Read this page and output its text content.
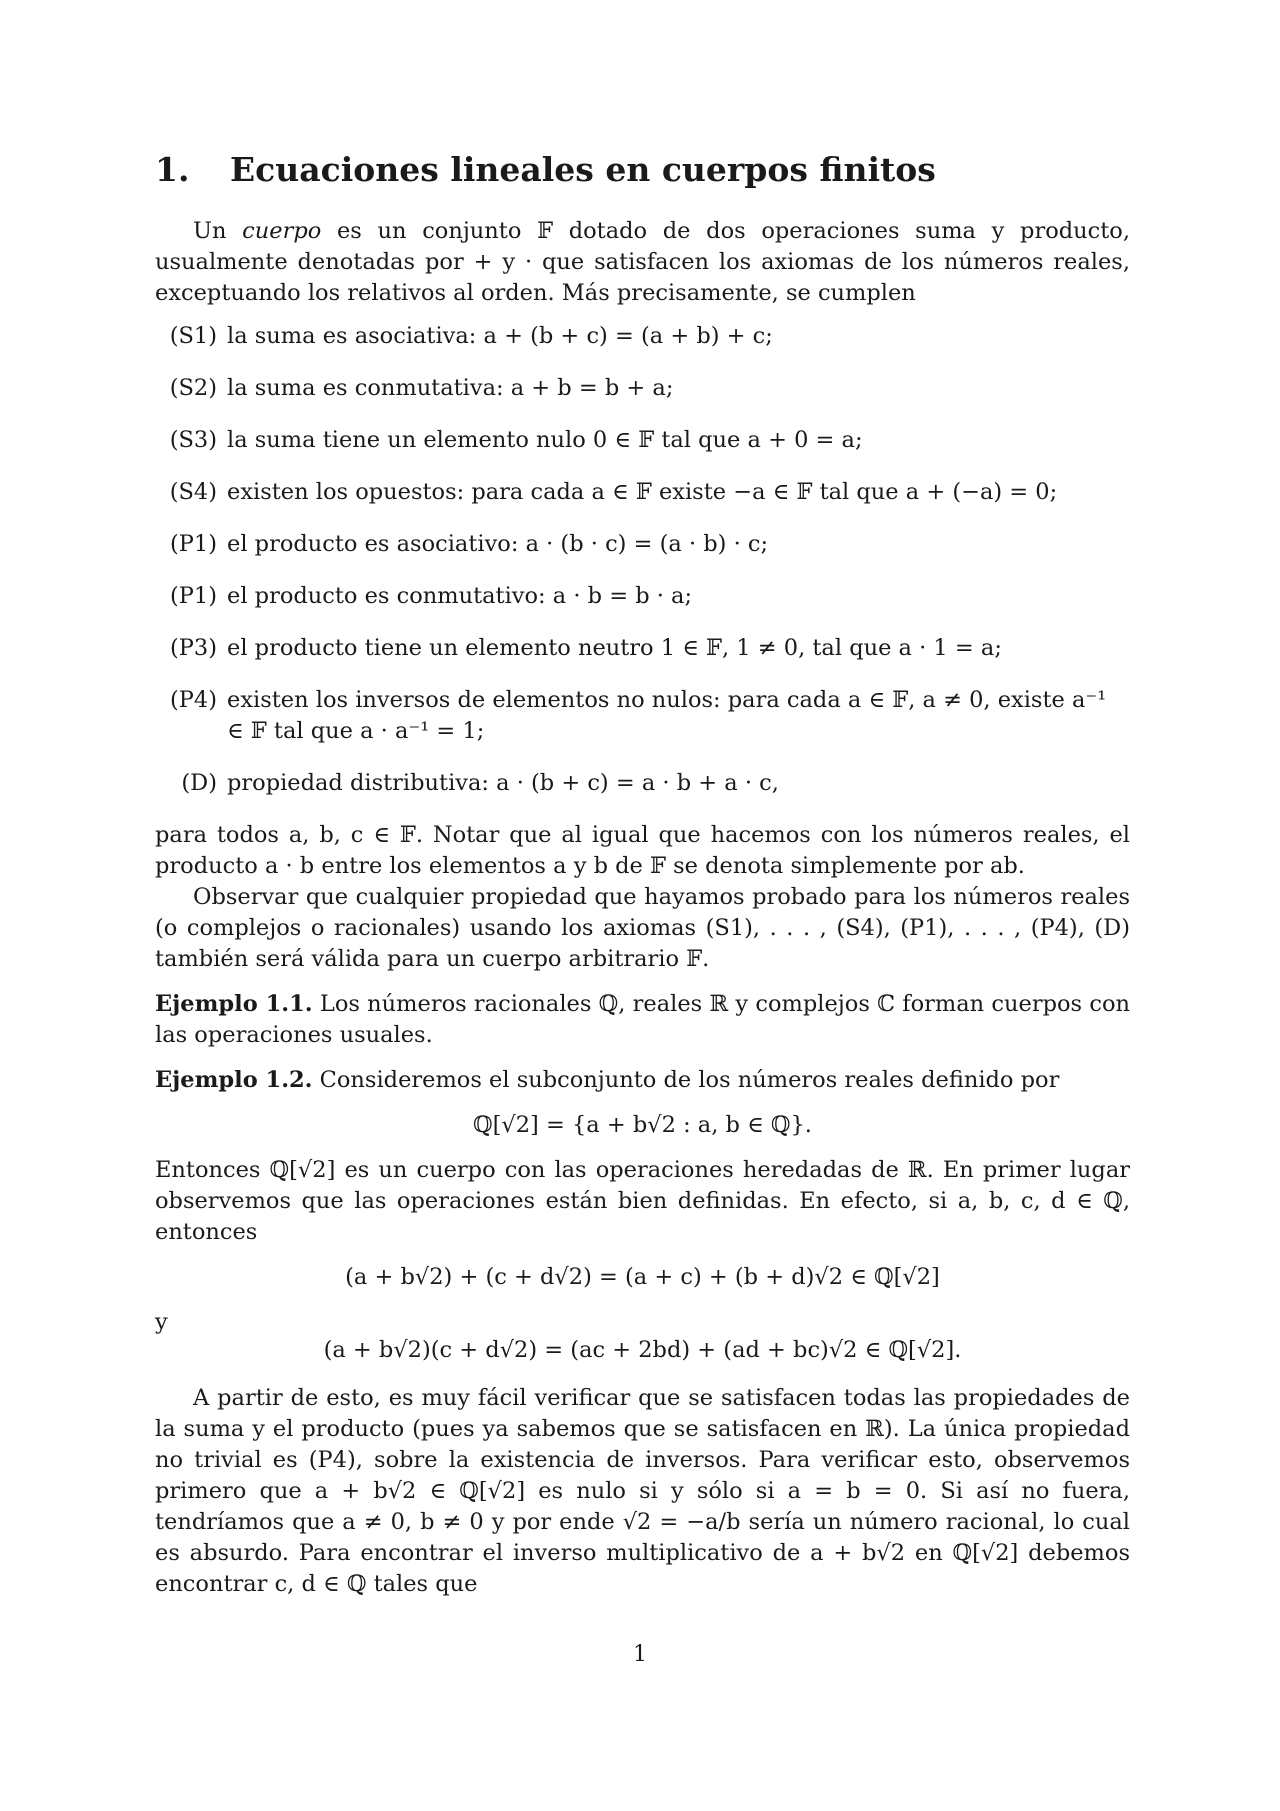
1. Ecuaciones lineales en cuerpos finitos

Un cuerpo es un conjunto 𝔽 dotado de dos operaciones suma y producto, usualmente denotadas por + y · que satisfacen los axiomas de los números reales, exceptuando los relativos al orden. Más precisamente, se cumplen

(S1) la suma es asociativa: a + (b + c) = (a + b) + c;
(S2) la suma es conmutativa: a + b = b + a;
(S3) la suma tiene un elemento nulo 0 ∈ 𝔽 tal que a + 0 = a;
(S4) existen los opuestos: para cada a ∈ 𝔽 existe −a ∈ 𝔽 tal que a + (−a) = 0;
(P1) el producto es asociativo: a · (b · c) = (a · b) · c;
(P1) el producto es conmutativo: a · b = b · a;
(P3) el producto tiene un elemento neutro 1 ∈ 𝔽, 1 ≠ 0, tal que a · 1 = a;
(P4) existen los inversos de elementos no nulos: para cada a ∈ 𝔽, a ≠ 0, existe a⁻¹ ∈ 𝔽 tal que a · a⁻¹ = 1;
(D) propiedad distributiva: a · (b + c) = a · b + a · c,

para todos a, b, c ∈ 𝔽. Notar que al igual que hacemos con los números reales, el producto a · b entre los elementos a y b de 𝔽 se denota simplemente por ab.

Observar que cualquier propiedad que hayamos probado para los números reales (o complejos o racionales) usando los axiomas (S1), . . . , (S4), (P1), . . . , (P4), (D) también será válida para un cuerpo arbitrario 𝔽.

Ejemplo 1.1. Los números racionales ℚ, reales ℝ y complejos ℂ forman cuerpos con las operaciones usuales.

Ejemplo 1.2. Consideremos el subconjunto de los números reales definido por

ℚ[√2] = {a + b√2 : a, b ∈ ℚ}.

Entonces ℚ[√2] es un cuerpo con las operaciones heredadas de ℝ. En primer lugar observemos que las operaciones están bien definidas. En efecto, si a, b, c, d ∈ ℚ, entonces

(a + b√2) + (c + d√2) = (a + c) + (b + d)√2 ∈ ℚ[√2]
y
(a + b√2)(c + d√2) = (ac + 2bd) + (ad + bc)√2 ∈ ℚ[√2].

A partir de esto, es muy fácil verificar que se satisfacen todas las propiedades de la suma y el producto (pues ya sabemos que se satisfacen en ℝ). La única propiedad no trivial es (P4), sobre la existencia de inversos. Para verificar esto, observemos primero que a + b√2 ∈ ℚ[√2] es nulo si y sólo si a = b = 0. Si así no fuera, tendríamos que a ≠ 0, b ≠ 0 y por ende √2 = −a/b sería un número racional, lo cual es absurdo. Para encontrar el inverso multiplicativo de a + b√2 en ℚ[√2] debemos encontrar c, d ∈ ℚ tales que

1
